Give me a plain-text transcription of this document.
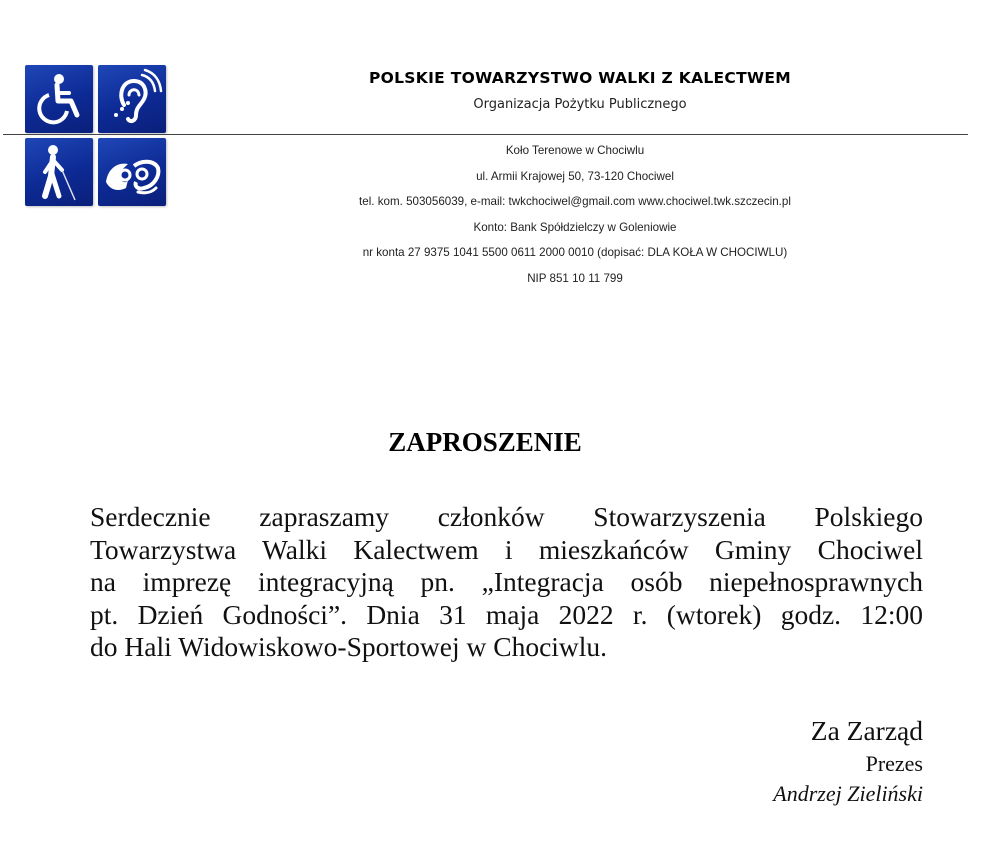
POLSKIE TOWARZYSTWO WALKI Z KALECTWEM
Organizacja Pożytku Publicznego
Koło Terenowe w Chociwlu
ul. Armii Krajowej 50, 73-120 Chociwel
tel. kom. 503056039, e-mail: twkchociwel@gmail.com www.chociwel.twk.szczecin.pl
Konto: Bank Spółdzielczy w Goleniowie
nr konta 27 9375 1041 5500 0611 2000 0010 (dopisać: DLA KOŁA W CHOCIWLU)
NIP 851 10 11 799
ZAPROSZENIE
Serdecznie zapraszamy członków Stowarzyszenia Polskiego
Towarzystwa Walki Kalectwem i mieszkańców Gminy Chociwel
na imprezę integracyjną pn. „Integracja osób niepełnosprawnych
pt. Dzień Godności”. Dnia 31 maja 2022 r. (wtorek) godz. 12:00
do Hali Widowiskowo-Sportowej w Chociwlu.
Za Zarząd
Prezes
Andrzej Zieliński
